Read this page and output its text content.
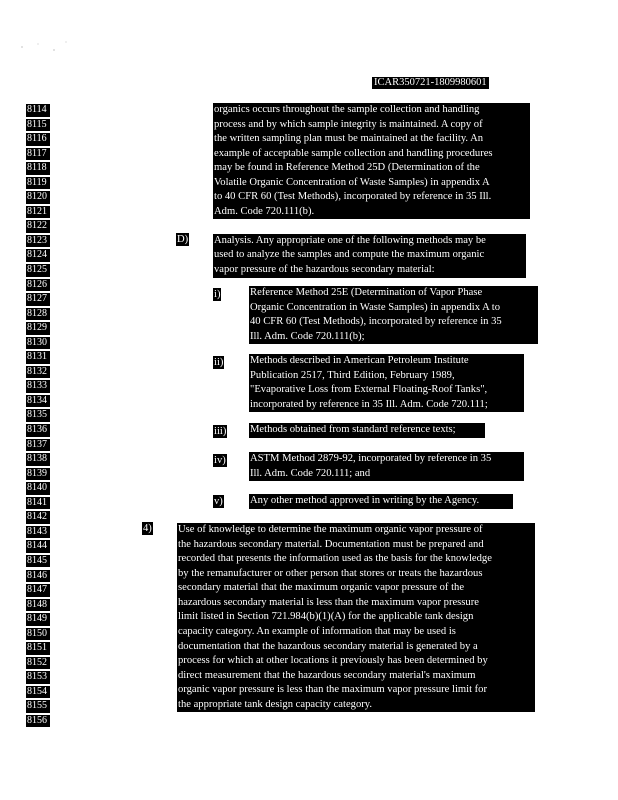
ICAR350721-1809980601
8114
8115
8116
8117
8118
8119
8120
8121
8122
8123
8124
8125
8126
8127
8128
8129
8130
8131
8132
8133
8134
8135
8136
8137
8138
8139
8140
8141
8142
8143
8144
8145
8146
8147
8148
8149
8150
8151
8152
8153
8154
8155
8156
organics occurs throughout the sample collection and handling
process and by which sample integrity is maintained. A copy of
the written sampling plan must be maintained at the facility. An
example of acceptable sample collection and handling procedures
may be found in Reference Method 25D (Determination of the
Volatile Organic Concentration of Waste Samples) in appendix A
to 40 CFR 60 (Test Methods), incorporated by reference in 35 Ill.
Adm. Code 720.111(b).
D) Analysis. Any appropriate one of the following methods may be
used to analyze the samples and compute the maximum organic
vapor pressure of the hazardous secondary material:
i)	Reference Method 25E (Determination of Vapor Phase
Organic Concentration in Waste Samples) in appendix A to
40 CFR 60 (Test Methods), incorporated by reference in 35
Ill. Adm. Code 720.111(b);
ii)	Methods described in American Petroleum Institute
Publication 2517, Third Edition, February 1989,
"Evaporative Loss from External Floating-Roof Tanks",
incorporated by reference in 35 Ill. Adm. Code 720.111;
iii) Methods obtained from standard reference texts;
iv) ASTM Method 2879-92, incorporated by reference in 35
Ill. Adm. Code 720.111; and
v)	Any other method approved in writing by the Agency.
4) Use of knowledge to determine the maximum organic vapor pressure of
the hazardous secondary material. Documentation must be prepared and
recorded that presents the information used as the basis for the knowledge
by the remanufacturer or other person that stores or treats the hazardous
secondary material that the maximum organic vapor pressure of the
hazardous secondary material is less than the maximum vapor pressure
limit listed in Section 721.984(b)(1)(A) for the applicable tank design
capacity category. An example of information that may be used is
documentation that the hazardous secondary material is generated by a
process for which at other locations it previously has been determined by
direct measurement that the hazardous secondary material's maximum
organic vapor pressure is less than the maximum vapor pressure limit for
the appropriate tank design capacity category.
